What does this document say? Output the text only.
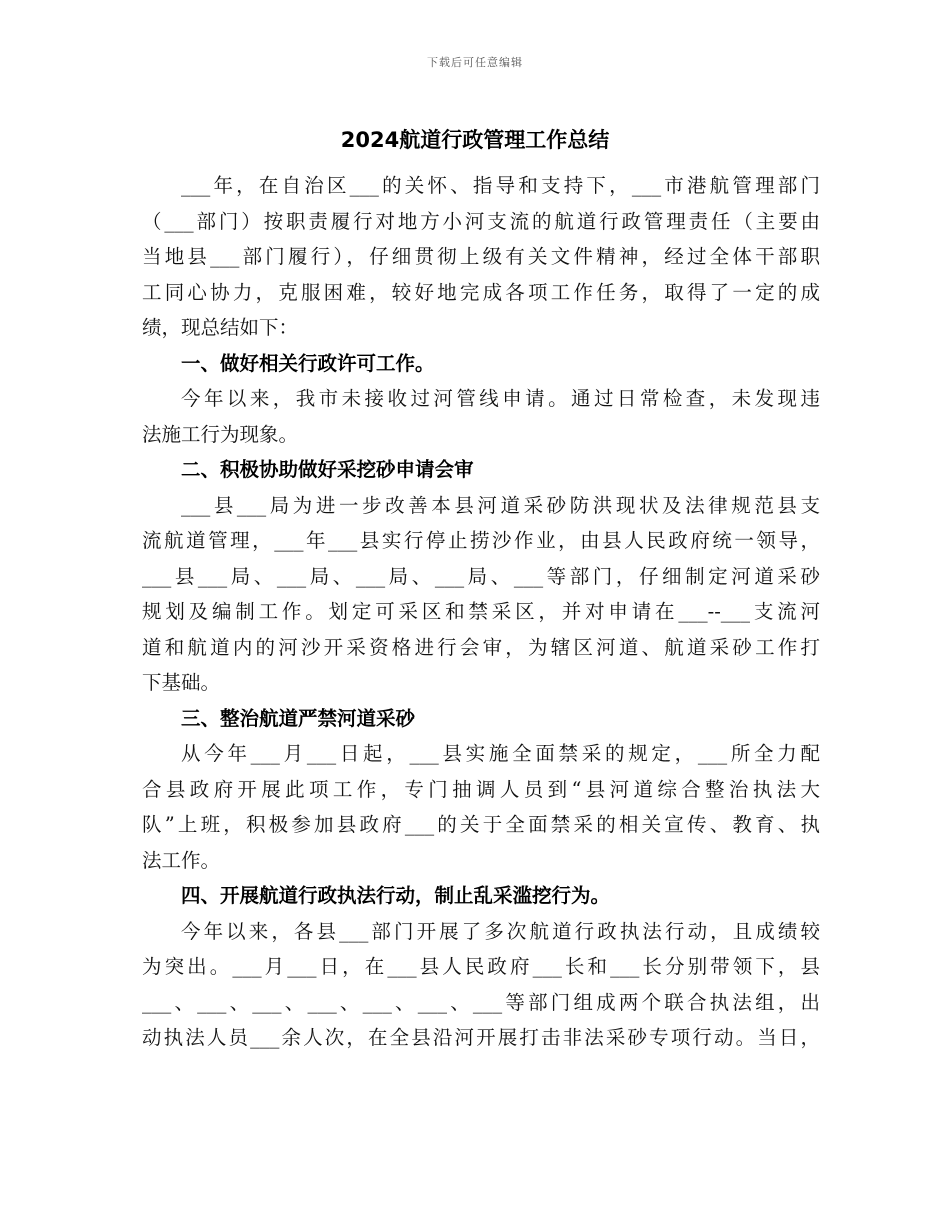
下载后可任意编辑
2024航道行政管理工作总结
___年，在自治区___的关怀、指导和支持下，___市港航管理部门
（___部门）按职责履行对地方小河支流的航道行政管理责任（主要由
当地县___部门履行），仔细贯彻上级有关文件精神，经过全体干部职
工同心协力，克服困难，较好地完成各项工作任务，取得了一定的成
绩，现总结如下：
一、做好相关行政许可工作。
今年以来，我市未接收过河管线申请。通过日常检查，未发现违
法施工行为现象。
二、积极协助做好采挖砂申请会审
___县___局为进一步改善本县河道采砂防洪现状及法律规范县支
流航道管理，___年___县实行停止捞沙作业，由县人民政府统一领导，
___县___局、___局、___局、___局、___等部门，仔细制定河道采砂
规划及编制工作。划定可采区和禁采区，并对申请在___--___支流河
道和航道内的河沙开采资格进行会审，为辖区河道、航道采砂工作打
下基础。
三、整治航道严禁河道采砂
从今年___月___日起，___县实施全面禁采的规定，___所全力配
合县政府开展此项工作，专门抽调人员到“县河道综合整治执法大
队”上班，积极参加县政府___的关于全面禁采的相关宣传、教育、执
法工作。
四、开展航道行政执法行动，制止乱采滥挖行为。
今年以来，各县___部门开展了多次航道行政执法行动，且成绩较
为突出。___月___日，在___县人民政府___长和___长分别带领下，县
___、___、___、___、___、___、___等部门组成两个联合执法组，出
动执法人员___余人次，在全县沿河开展打击非法采砂专项行动。当日，
